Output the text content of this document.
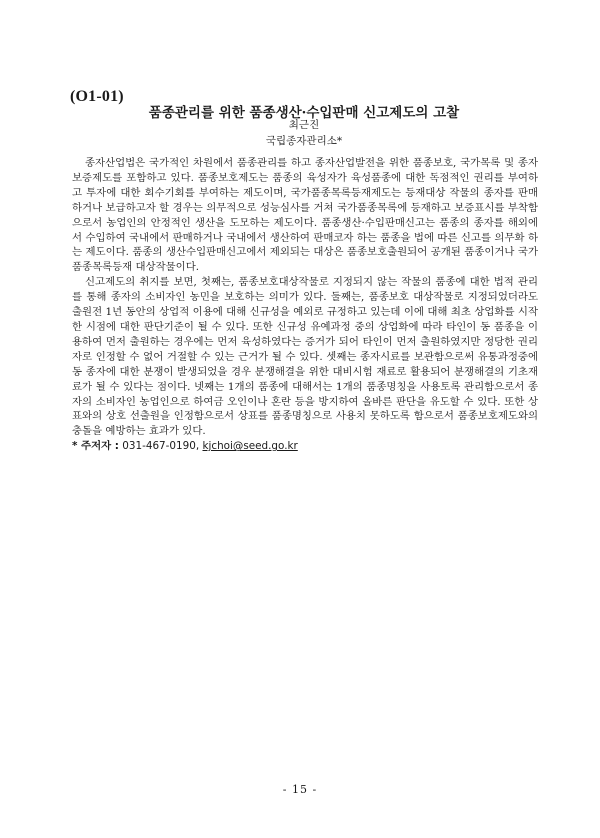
(O1-01)
품종관리를 위한 품종생산·수입판매 신고제도의 고찰
최근진
국립종자관리소*

종자산업법은 국가적인 차원에서 품종관리를 하고 종자산업발전을 위한 품종보호, 국가목록 및 종자보증제도를 포함하고 있다. 품종보호제도는 품종의 육성자가 육성품종에 대한 독점적인 권리를 부여하고 투자에 대한 회수기회를 부여하는 제도이며, 국가품종목록등재제도는 등재대상 작물의 종자를 판매하거나 보급하고자 할 경우는 의무적으로 성능심사를 거쳐 국가품종목록에 등재하고 보증표시를 부착함으로서 농업인의 안정적인 생산을 도모하는 제도이다. 품종생산·수입판매신고는 품종의 종자를 해외에서 수입하여 국내에서 판매하거나 국내에서 생산하여 판매코자 하는 품종을 법에 따른 신고를 의무화 하는 제도이다. 품종의 생산수입판매신고에서 제외되는 대상은 품종보호출원되어 공개된 품종이거나 국가품종목록등재 대상작물이다.

신고제도의 취지를 보면, 첫째는, 품종보호대상작물로 지정되지 않는 작물의 품종에 대한 법적 관리를 통해 종자의 소비자인 농민을 보호하는 의미가 있다. 둘째는, 품종보호 대상작물로 지정되었더라도 출원전 1년 동안의 상업적 이용에 대해 신규성을 예외로 규정하고 있는데 이에 대해 최초 상업화를 시작한 시점에 대한 판단기준이 될 수 있다. 또한 신규성 유예과정 중의 상업화에 따라 타인이 동 품종을 이용하여 먼저 출원하는 경우에는 먼저 육성하였다는 증거가 되어 타인이 먼저 출원하였지만 정당한 권리자로 인정할 수 없어 거절할 수 있는 근거가 될 수 있다. 셋째는 종자시료를 보관함으로써 유통과정중에 동 종자에 대한 분쟁이 발생되었을 경우 분쟁해결을 위한 대비시험 재료로 활용되어 분쟁해결의 기초재료가 될 수 있다는 점이다. 넷째는 1개의 품종에 대해서는 1개의 품종명칭을 사용토록 관리함으로서 종자의 소비자인 농업인으로 하여금 오인이나 혼란 등을 방지하여 올바른 판단을 유도할 수 있다. 또한 상표와의 상호 선출원을 인정함으로서 상표를 품종명칭으로 사용치 못하도록 함으로서 품종보호제도와의 충돌을 예방하는 효과가 있다.

* 주저자 : 031-467-0190, kjchoi@seed.go.kr

- 15 -
